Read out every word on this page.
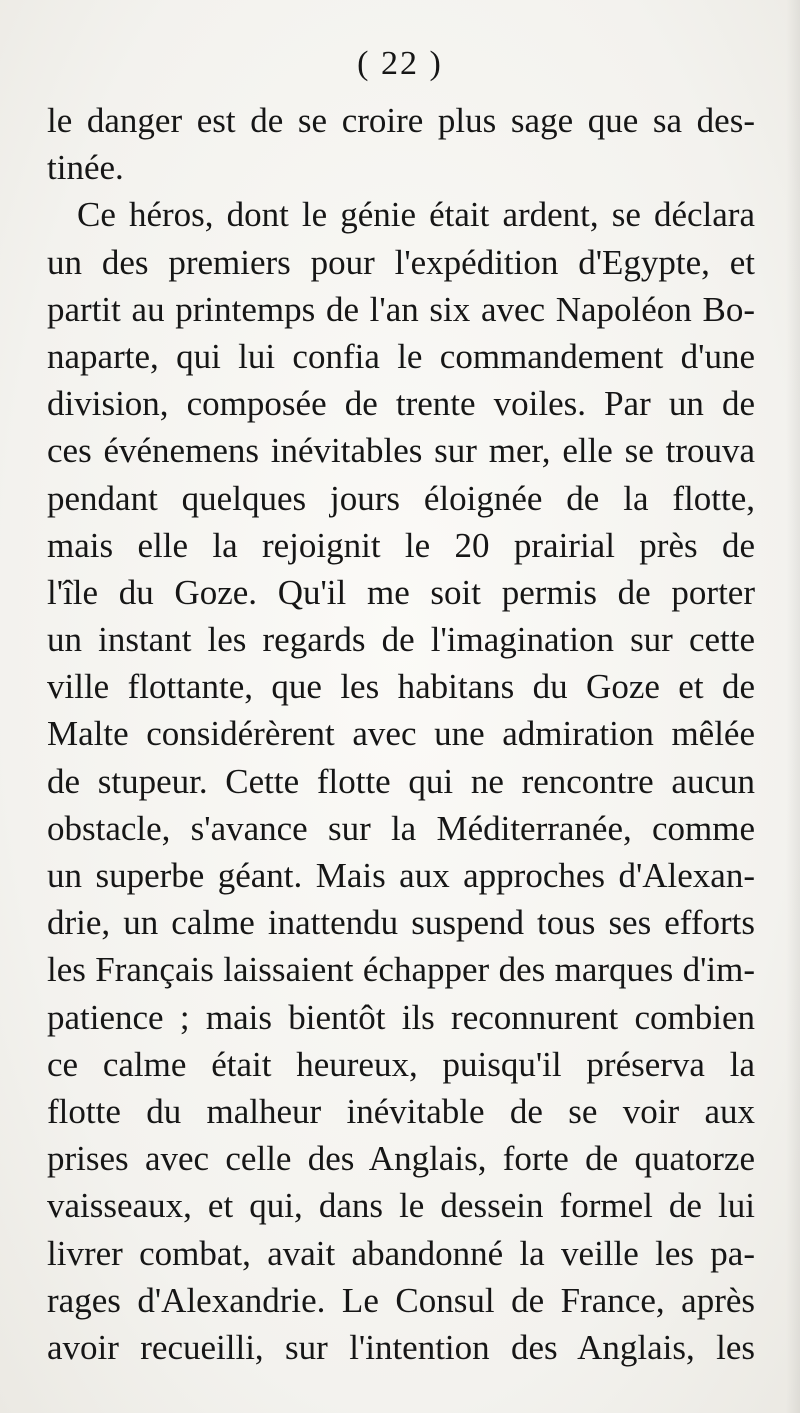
( 22 )
le danger est de se croire plus sage que sa des-
tinée.
Ce héros, dont le génie était ardent, se déclara
un des premiers pour l'expédition d'Egypte, et
partit au printemps de l'an six avec Napoléon Bo-
naparte, qui lui confia le commandement d'une
division, composée de trente voiles. Par un de
ces événemens inévitables sur mer, elle se trouva
pendant quelques jours éloignée de la flotte,
mais elle la rejoignit le 20 prairial près de
l'île du Goze. Qu'il me soit permis de porter
un instant les regards de l'imagination sur cette
ville flottante, que les habitans du Goze et de
Malte considérèrent avec une admiration mêlée
de stupeur. Cette flotte qui ne rencontre aucun
obstacle, s'avance sur la Méditerranée, comme
un superbe géant. Mais aux approches d'Alexan-
drie, un calme inattendu suspend tous ses efforts
les Français laissaient échapper des marques d'im-
patience ; mais bientôt ils reconnurent combien
ce calme était heureux, puisqu'il préserva la
flotte du malheur inévitable de se voir aux
prises avec celle des Anglais, forte de quatorze
vaisseaux, et qui, dans le dessein formel de lui
livrer combat, avait abandonné la veille les pa-
rages d'Alexandrie. Le Consul de France, après
avoir recueilli, sur l'intention des Anglais, les
